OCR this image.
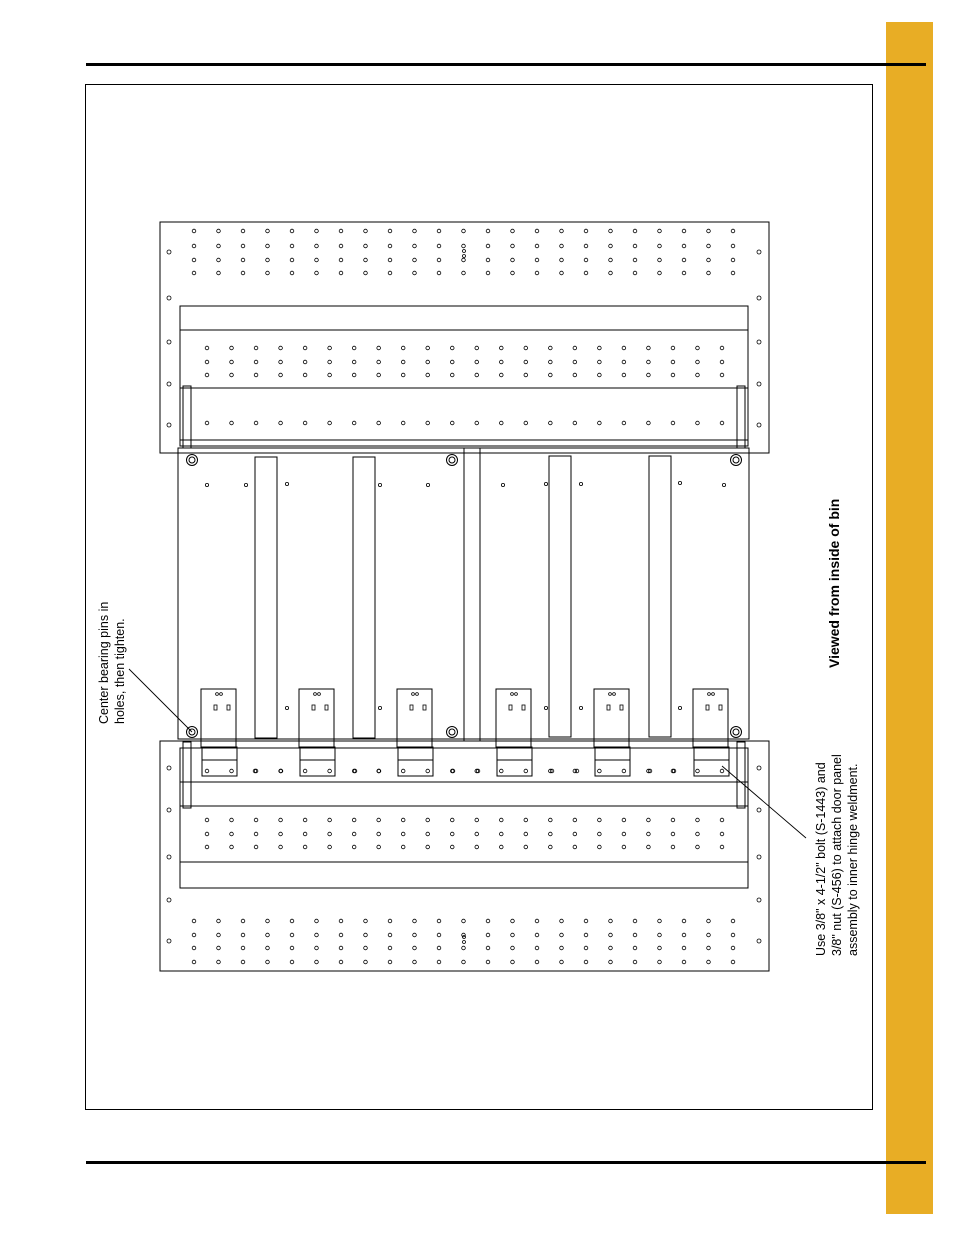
Center bearing pins in
holes, then tighten.
Use 3/8" x 4-1/2" bolt (S-1443) and
3/8" nut (S-456) to attach door panel
assembly to inner hinge weldment.
Viewed from inside of bin
